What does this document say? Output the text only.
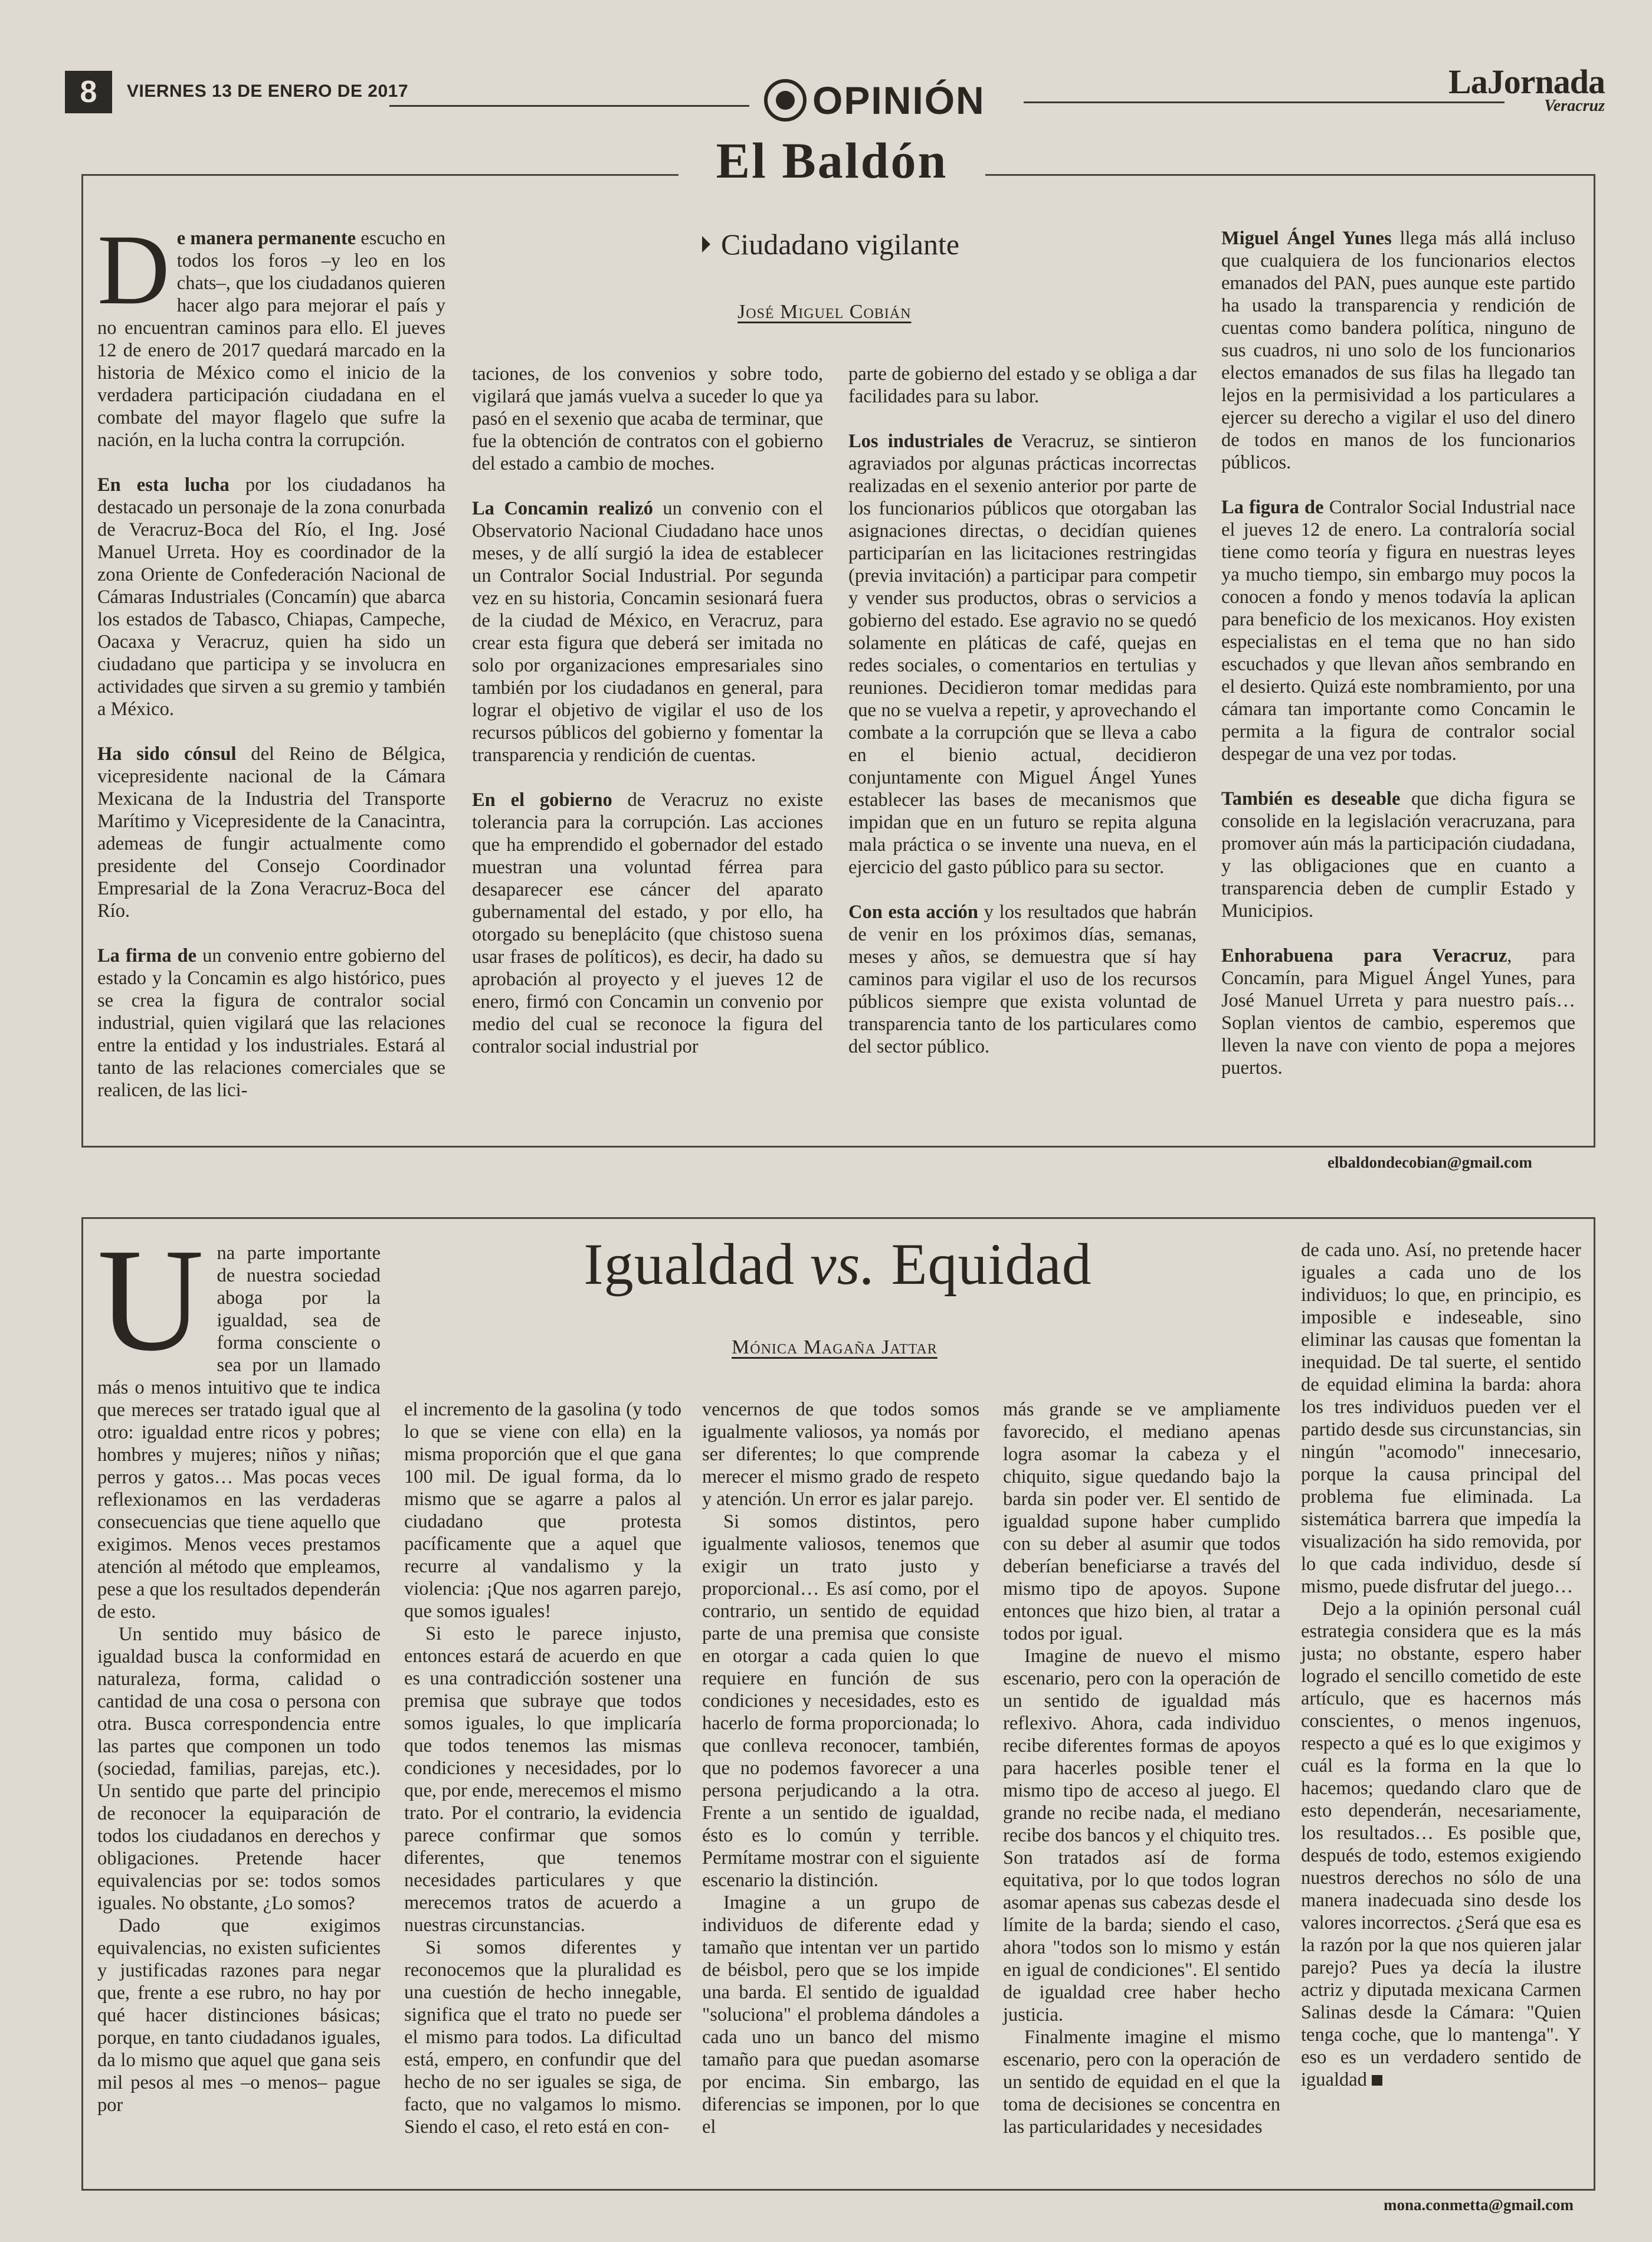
8	VIERNES 13 DE ENERO DE 2017	OPINIÓN	LaJornada
Veracruz
El Baldón
Ciudadano vigilante
José Miguel Cobián

De manera permanente escucho en todos los foros –y leo en los chats–, que los ciudadanos quieren hacer algo para mejorar el país y no encuentran caminos para ello. El jueves 12 de enero de 2017 quedará marcado en la historia de México como el inicio de la verdadera participación ciudadana en el combate del mayor flagelo que sufre la nación, en la lucha contra la corrupción.

En esta lucha por los ciudadanos ha destacado un personaje de la zona conurbada de Veracruz-Boca del Río, el Ing. José Manuel Urreta. Hoy es coordinador de la zona Oriente de Confederación Nacional de Cámaras Industriales (Concamín) que abarca los estados de Tabasco, Chiapas, Campeche, Oacaxa y Veracruz, quien ha sido un ciudadano que participa y se involucra en actividades que sirven a su gremio y también a México.

Ha sido cónsul del Reino de Bélgica, vicepresidente nacional de la Cámara Mexicana de la Industria del Transporte Marítimo y Vicepresidente de la Canacintra, ademeas de fungir actualmente como presidente del Consejo Coordinador Empresarial de la Zona Veracruz-Boca del Río.

La firma de un convenio entre gobierno del estado y la Concamin es algo histórico, pues se crea la figura de contralor social industrial, quien vigilará que las relaciones entre la entidad y los industriales. Estará al tanto de las relaciones comerciales que se realicen, de las lici-

taciones, de los convenios y sobre todo, vigilará que jamás vuelva a suceder lo que ya pasó en el sexenio que acaba de terminar, que fue la obtención de contratos con el gobierno del estado a cambio de moches.

La Concamin realizó un convenio con el Observatorio Nacional Ciudadano hace unos meses, y de allí surgió la idea de establecer un Contralor Social Industrial. Por segunda vez en su historia, Concamin sesionará fuera de la ciudad de México, en Veracruz, para crear esta figura que deberá ser imitada no solo por organizaciones empresariales sino también por los ciudadanos en general, para lograr el objetivo de vigilar el uso de los recursos públicos del gobierno y fomentar la transparencia y rendición de cuentas.

En el gobierno de Veracruz no existe tolerancia para la corrupción. Las acciones que ha emprendido el gobernador del estado muestran una voluntad férrea para desaparecer ese cáncer del aparato gubernamental del estado, y por ello, ha otorgado su beneplácito (que chistoso suena usar frases de políticos), es decir, ha dado su aprobación al proyecto y el jueves 12 de enero, firmó con Concamin un convenio por medio del cual se reconoce la figura del contralor social industrial por

parte de gobierno del estado y se obliga a dar facilidades para su labor.

Los industriales de Veracruz, se sintieron agraviados por algunas prácticas incorrectas realizadas en el sexenio anterior por parte de los funcionarios públicos que otorgaban las asignaciones directas, o decidían quienes participarían en las licitaciones restringidas (previa invitación) a participar para competir y vender sus productos, obras o servicios a gobierno del estado. Ese agravio no se quedó solamente en pláticas de café, quejas en redes sociales, o comentarios en tertulias y reuniones. Decidieron tomar medidas para que no se vuelva a repetir, y aprovechando el combate a la corrupción que se lleva a cabo en el bienio actual, decidieron conjuntamente con Miguel Ángel Yunes establecer las bases de mecanismos que impidan que en un futuro se repita alguna mala práctica o se invente una nueva, en el ejercicio del gasto público para su sector.

Con esta acción y los resultados que habrán de venir en los próximos días, semanas, meses y años, se demuestra que sí hay caminos para vigilar el uso de los recursos públicos siempre que exista voluntad de transparencia tanto de los particulares como del sector público.

Miguel Ángel Yunes llega más allá incluso que cualquiera de los funcionarios electos emanados del PAN, pues aunque este partido ha usado la transparencia y rendición de cuentas como bandera política, ninguno de sus cuadros, ni uno solo de los funcionarios electos emanados de sus filas ha llegado tan lejos en la permisividad a los particulares a ejercer su derecho a vigilar el uso del dinero de todos en manos de los funcionarios públicos.

La figura de Contralor Social Industrial nace el jueves 12 de enero. La contraloría social tiene como teoría y figura en nuestras leyes ya mucho tiempo, sin embargo muy pocos la conocen a fondo y menos todavía la aplican para beneficio de los mexicanos. Hoy existen especialistas en el tema que no han sido escuchados y que llevan años sembrando en el desierto. Quizá este nombramiento, por una cámara tan importante como Concamin le permita a la figura de contralor social despegar de una vez por todas.

También es deseable que dicha figura se consolide en la legislación veracruzana, para promover aún más la participación ciudadana, y las obligaciones que en cuanto a transparencia deben de cumplir Estado y Municipios.

Enhorabuena para Veracruz, para Concamín, para Miguel Ángel Yunes, para José Manuel Urreta y para nuestro país… Soplan vientos de cambio, esperemos que lleven la nave con viento de popa a mejores puertos.

elbaldondecobian@gmail.com
Igualdad vs. Equidad
Mónica Magaña Jattar

Una parte importante de nuestra sociedad aboga por la igualdad, sea de forma consciente o sea por un llamado más o menos intuitivo que te indica que mereces ser tratado igual que al otro: igualdad entre ricos y pobres; hombres y mujeres; niños y niñas; perros y gatos… Mas pocas veces reflexionamos en las verdaderas consecuencias que tiene aquello que exigimos. Menos veces prestamos atención al método que empleamos, pese a que los resultados dependerán de esto.

Un sentido muy básico de igualdad busca la conformidad en naturaleza, forma, calidad o cantidad de una cosa o persona con otra. Busca correspondencia entre las partes que componen un todo (sociedad, familias, parejas, etc.). Un sentido que parte del principio de reconocer la equiparación de todos los ciudadanos en derechos y obligaciones. Pretende hacer equivalencias por se: todos somos iguales. No obstante, ¿Lo somos?

Dado que exigimos equivalencias, no existen suficientes y justificadas razones para negar que, frente a ese rubro, no hay por qué hacer distinciones básicas; porque, en tanto ciudadanos iguales, da lo mismo que aquel que gana seis mil pesos al mes –o menos– pague por

el incremento de la gasolina (y todo lo que se viene con ella) en la misma proporción que el que gana 100 mil. De igual forma, da lo mismo que se agarre a palos al ciudadano que protesta pacíficamente que a aquel que recurre al vandalismo y la violencia: ¡Que nos agarren parejo, que somos iguales!

Si esto le parece injusto, entonces estará de acuerdo en que es una contradicción sostener una premisa que subraye que todos somos iguales, lo que implicaría que todos tenemos las mismas condiciones y necesidades, por lo que, por ende, merecemos el mismo trato. Por el contrario, la evidencia parece confirmar que somos diferentes, que tenemos necesidades particulares y que merecemos tratos de acuerdo a nuestras circunstancias.

Si somos diferentes y reconocemos que la pluralidad es una cuestión de hecho innegable, significa que el trato no puede ser el mismo para todos. La dificultad está, empero, en confundir que del hecho de no ser iguales se siga, de facto, que no valgamos lo mismo. Siendo el caso, el reto está en con-

vencernos de que todos somos igualmente valiosos, ya nomás por ser diferentes; lo que comprende merecer el mismo grado de respeto y atención. Un error es jalar parejo.

Si somos distintos, pero igualmente valiosos, tenemos que exigir un trato justo y proporcional… Es así como, por el contrario, un sentido de equidad parte de una premisa que consiste en otorgar a cada quien lo que requiere en función de sus condiciones y necesidades, esto es hacerlo de forma proporcionada; lo que conlleva reconocer, también, que no podemos favorecer a una persona perjudicando a la otra. Frente a un sentido de igualdad, ésto es lo común y terrible. Permítame mostrar con el siguiente escenario la distinción.

Imagine a un grupo de individuos de diferente edad y tamaño que intentan ver un partido de béisbol, pero que se los impide una barda. El sentido de igualdad "soluciona" el problema dándoles a cada uno un banco del mismo tamaño para que puedan asomarse por encima. Sin embargo, las diferencias se imponen, por lo que el

más grande se ve ampliamente favorecido, el mediano apenas logra asomar la cabeza y el chiquito, sigue quedando bajo la barda sin poder ver. El sentido de igualdad supone haber cumplido con su deber al asumir que todos deberían beneficiarse a través del mismo tipo de apoyos. Supone entonces que hizo bien, al tratar a todos por igual.

Imagine de nuevo el mismo escenario, pero con la operación de un sentido de igualdad más reflexivo. Ahora, cada individuo recibe diferentes formas de apoyos para hacerles posible tener el mismo tipo de acceso al juego. El grande no recibe nada, el mediano recibe dos bancos y el chiquito tres. Son tratados así de forma equitativa, por lo que todos logran asomar apenas sus cabezas desde el límite de la barda; siendo el caso, ahora "todos son lo mismo y están en igual de condiciones". El sentido de igualdad cree haber hecho justicia.

Finalmente imagine el mismo escenario, pero con la operación de un sentido de equidad en el que la toma de decisiones se concentra en las particularidades y necesidades

de cada uno. Así, no pretende hacer iguales a cada uno de los individuos; lo que, en principio, es imposible e indeseable, sino eliminar las causas que fomentan la inequidad. De tal suerte, el sentido de equidad elimina la barda: ahora los tres individuos pueden ver el partido desde sus circunstancias, sin ningún "acomodo" innecesario, porque la causa principal del problema fue eliminada. La sistemática barrera que impedía la visualización ha sido removida, por lo que cada individuo, desde sí mismo, puede disfrutar del juego…

Dejo a la opinión personal cuál estrategia considera que es la más justa; no obstante, espero haber logrado el sencillo cometido de este artículo, que es hacernos más conscientes, o menos ingenuos, respecto a qué es lo que exigimos y cuál es la forma en la que lo hacemos; quedando claro que de esto dependerán, necesariamente, los resultados… Es posible que, después de todo, estemos exigiendo nuestros derechos no sólo de una manera inadecuada sino desde los valores incorrectos. ¿Será que esa es la razón por la que nos quieren jalar parejo? Pues ya decía la ilustre actriz y diputada mexicana Carmen Salinas desde la Cámara: "Quien tenga coche, que lo mantenga". Y eso es un verdadero sentido de igualdad

mona.conmetta@gmail.com
